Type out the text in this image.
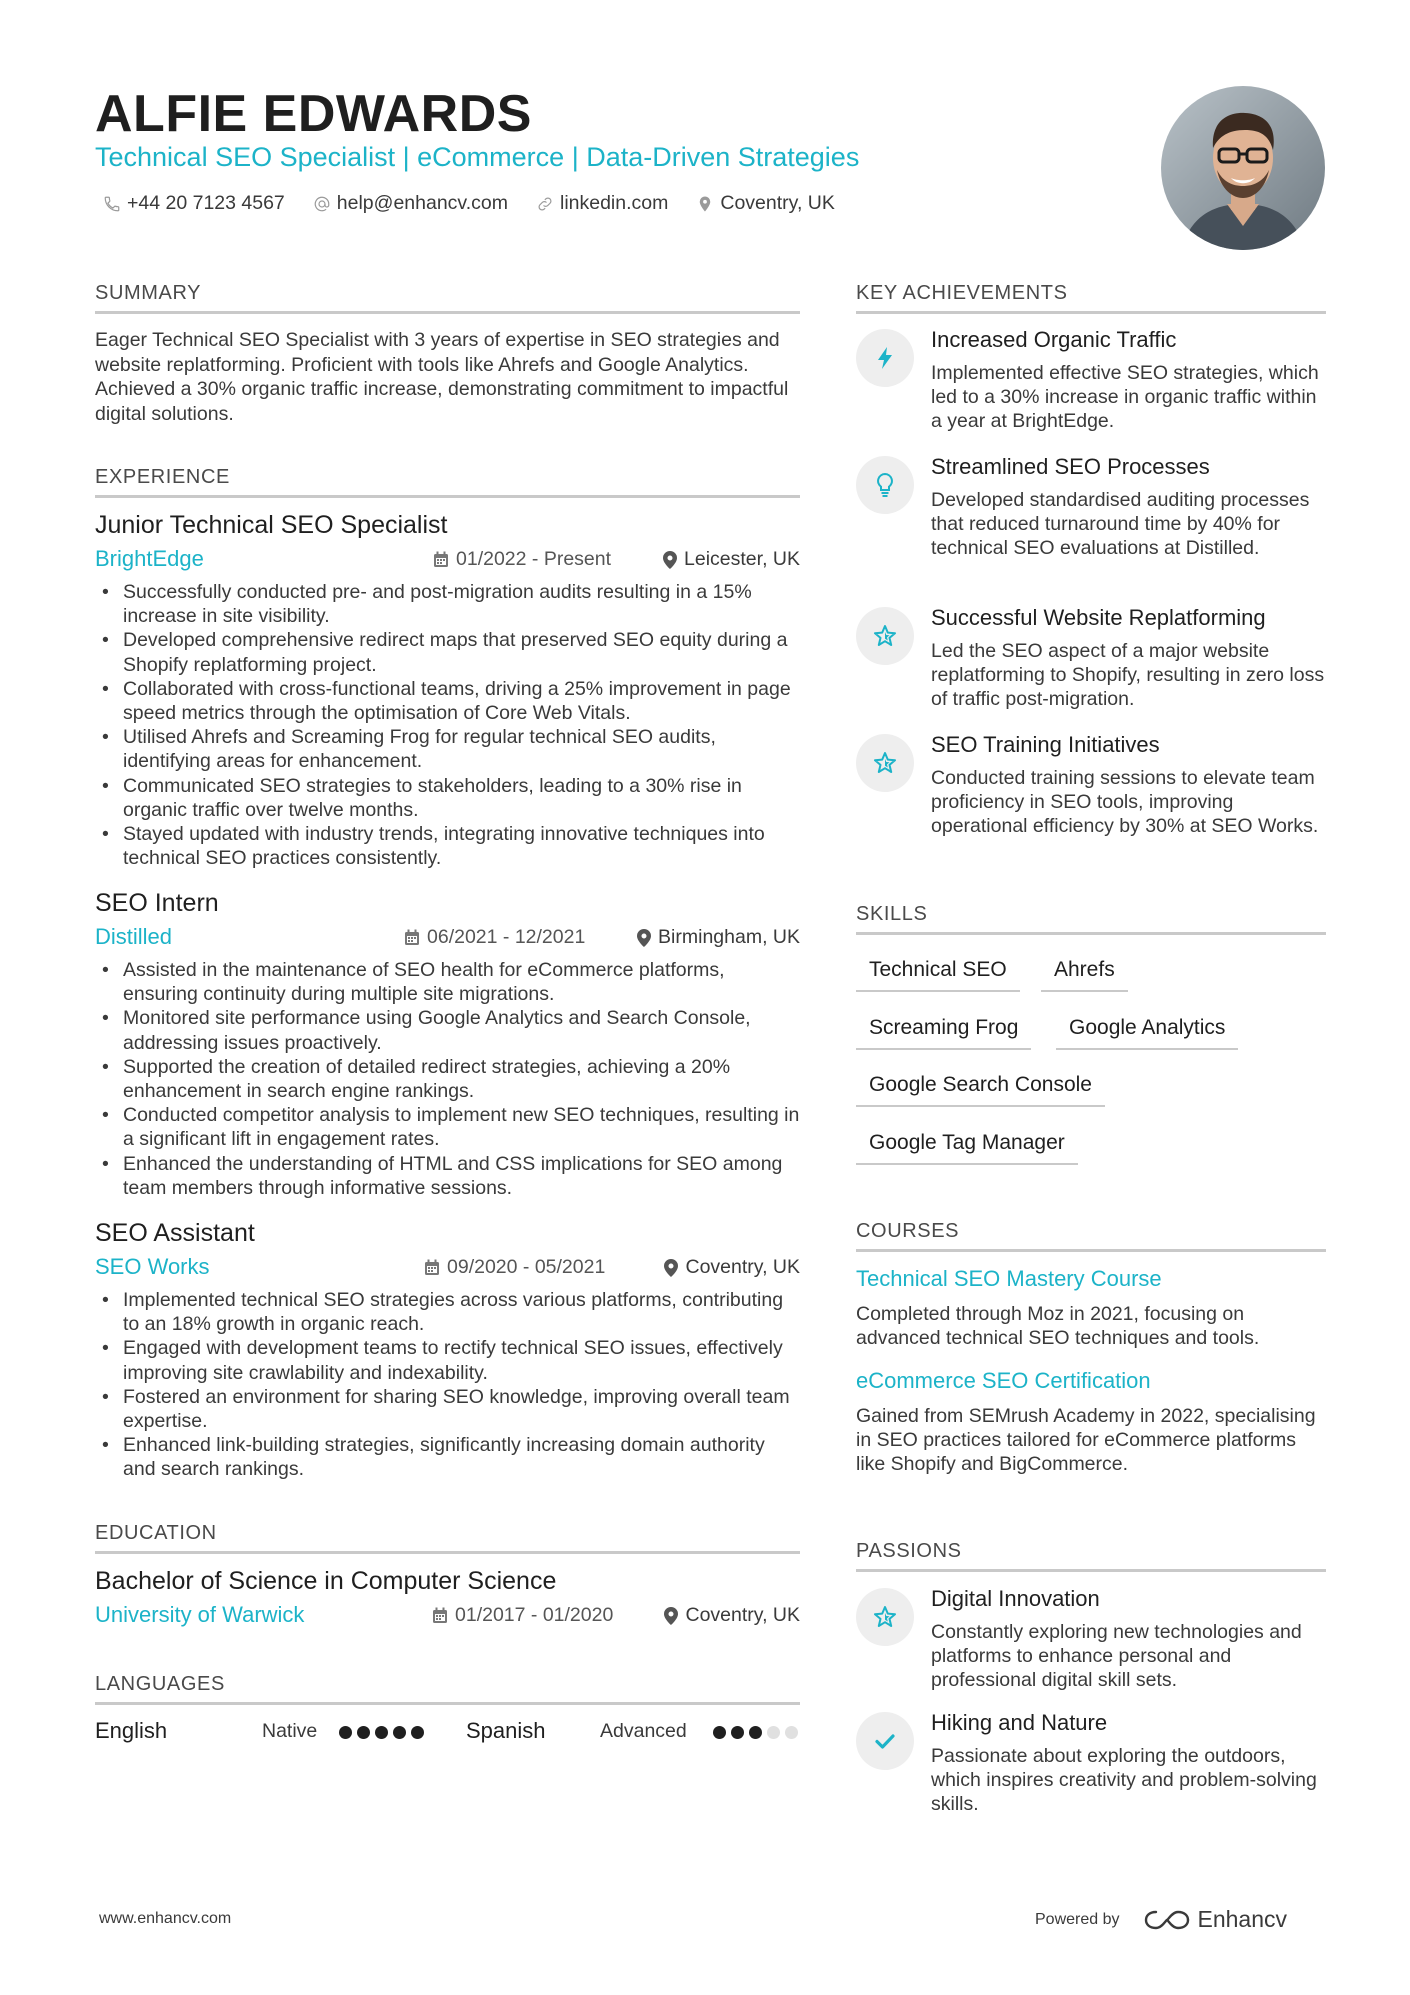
ALFIE EDWARDS
Technical SEO Specialist | eCommerce | Data-Driven Strategies
+44 20 7123 4567	help@enhancv.com	linkedin.com	Coventry, UK
SUMMARY
Eager Technical SEO Specialist with 3 years of expertise in SEO strategies and website replatforming. Proficient with tools like Ahrefs and Google Analytics. Achieved a 30% organic traffic increase, demonstrating commitment to impactful digital solutions.
EXPERIENCE
Junior Technical SEO Specialist
BrightEdge	01/2022 - Present	Leicester, UK
• Successfully conducted pre- and post-migration audits resulting in a 15% increase in site visibility.
• Developed comprehensive redirect maps that preserved SEO equity during a Shopify replatforming project.
• Collaborated with cross-functional teams, driving a 25% improvement in page speed metrics through the optimisation of Core Web Vitals.
• Utilised Ahrefs and Screaming Frog for regular technical SEO audits, identifying areas for enhancement.
• Communicated SEO strategies to stakeholders, leading to a 30% rise in organic traffic over twelve months.
• Stayed updated with industry trends, integrating innovative techniques into technical SEO practices consistently.
SEO Intern
Distilled	06/2021 - 12/2021	Birmingham, UK
• Assisted in the maintenance of SEO health for eCommerce platforms, ensuring continuity during multiple site migrations.
• Monitored site performance using Google Analytics and Search Console, addressing issues proactively.
• Supported the creation of detailed redirect strategies, achieving a 20% enhancement in search engine rankings.
• Conducted competitor analysis to implement new SEO techniques, resulting in a significant lift in engagement rates.
• Enhanced the understanding of HTML and CSS implications for SEO among team members through informative sessions.
SEO Assistant
SEO Works	09/2020 - 05/2021	Coventry, UK
• Implemented technical SEO strategies across various platforms, contributing to an 18% growth in organic reach.
• Engaged with development teams to rectify technical SEO issues, effectively improving site crawlability and indexability.
• Fostered an environment for sharing SEO knowledge, improving overall team expertise.
• Enhanced link-building strategies, significantly increasing domain authority and search rankings.
EDUCATION
Bachelor of Science in Computer Science
University of Warwick	01/2017 - 01/2020	Coventry, UK
LANGUAGES
English	Native	Spanish	Advanced
KEY ACHIEVEMENTS
Increased Organic Traffic
Implemented effective SEO strategies, which led to a 30% increase in organic traffic within a year at BrightEdge.
Streamlined SEO Processes
Developed standardised auditing processes that reduced turnaround time by 40% for technical SEO evaluations at Distilled.
Successful Website Replatforming
Led the SEO aspect of a major website replatforming to Shopify, resulting in zero loss of traffic post-migration.
SEO Training Initiatives
Conducted training sessions to elevate team proficiency in SEO tools, improving operational efficiency by 30% at SEO Works.
SKILLS
Technical SEO	Ahrefs
Screaming Frog	Google Analytics
Google Search Console
Google Tag Manager
COURSES
Technical SEO Mastery Course
Completed through Moz in 2021, focusing on advanced technical SEO techniques and tools.
eCommerce SEO Certification
Gained from SEMrush Academy in 2022, specialising in SEO practices tailored for eCommerce platforms like Shopify and BigCommerce.
PASSIONS
Digital Innovation
Constantly exploring new technologies and platforms to enhance personal and professional digital skill sets.
Hiking and Nature
Passionate about exploring the outdoors, which inspires creativity and problem-solving skills.
www.enhancv.com	Powered by	Enhancv
